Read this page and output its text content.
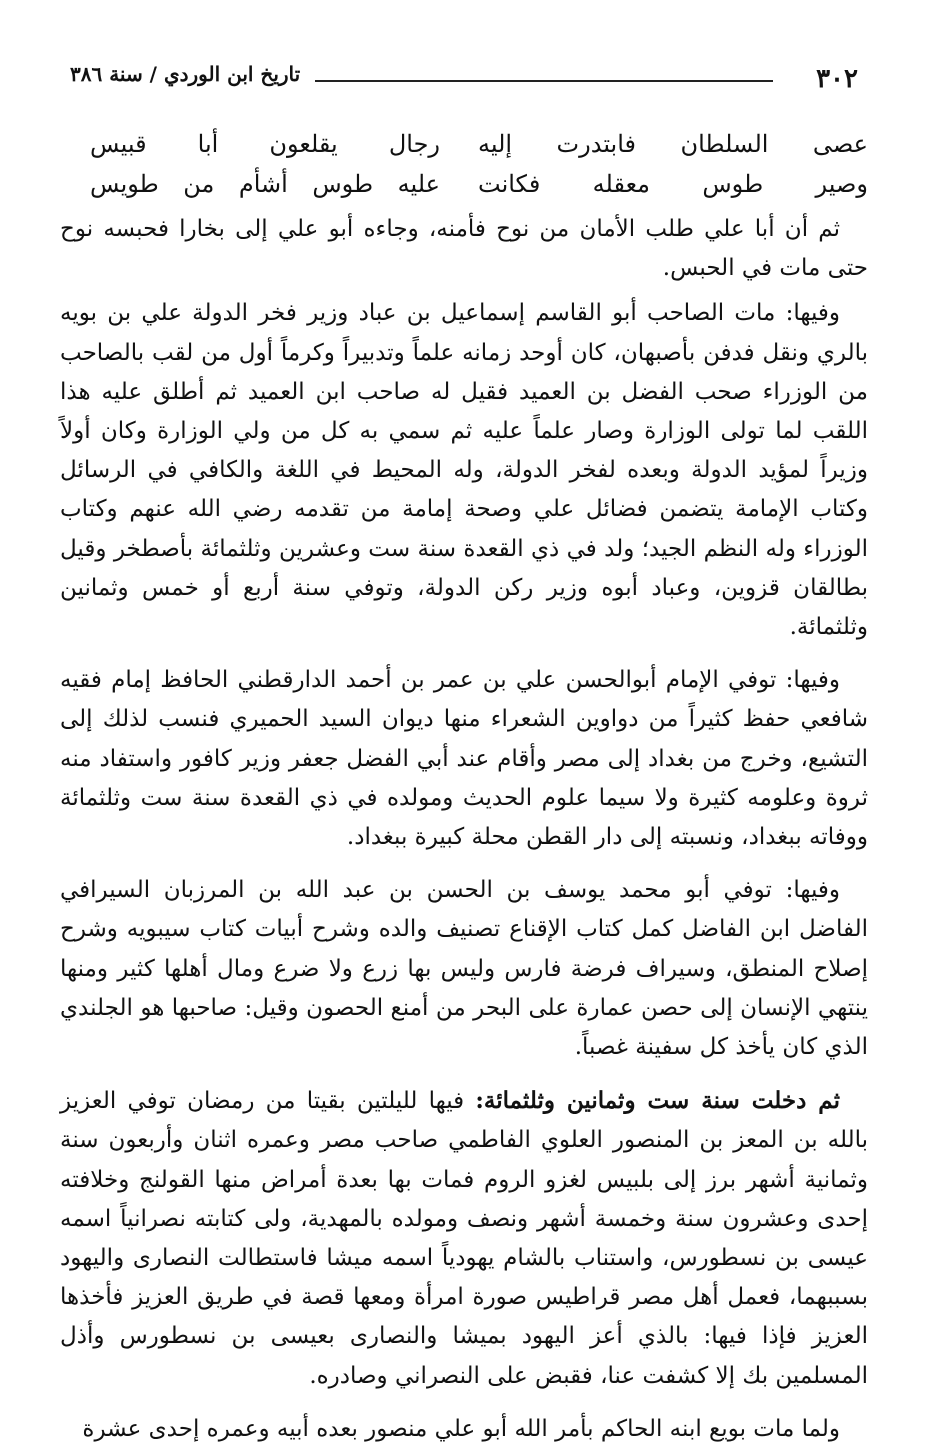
٣٠٢
تاريخ ابن الوردي / سنة ٣٨٦
عصى السلطان فابتدرت إليه
رجال يقلعون أبا قبيس
وصير طوس معقله فكانت
عليه طوس أشأم من طويس

ثم أن أبا علي طلب الأمان من نوح فأمنه، وجاءه أبو علي إلى بخارا فحبسه نوح حتى مات في الحبس.

وفيها: مات الصاحب أبو القاسم إسماعيل بن عباد وزير فخر الدولة علي بن بويه بالري ونقل فدفن بأصبهان، كان أوحد زمانه علماً وتدبيراً وكرماً أول من لقب بالصاحب من الوزراء صحب الفضل بن العميد فقيل له صاحب ابن العميد ثم أطلق عليه هذا اللقب لما تولى الوزارة وصار علماً عليه ثم سمي به كل من ولي الوزارة وكان أولاً وزيراً لمؤيد الدولة وبعده لفخر الدولة، وله المحيط في اللغة والكافي في الرسائل وكتاب الإمامة يتضمن فضائل علي وصحة إمامة من تقدمه رضي الله عنهم وكتاب الوزراء وله النظم الجيد؛ ولد في ذي القعدة سنة ست وعشرين وثلثمائة بأصطخر وقيل بطالقان قزوين، وعباد أبوه وزير ركن الدولة، وتوفي سنة أربع أو خمس وثمانين وثلثمائة.

وفيها: توفي الإمام أبوالحسن علي بن عمر بن أحمد الدارقطني الحافظ إمام فقيه شافعي حفظ كثيراً من دواوين الشعراء منها ديوان السيد الحميري فنسب لذلك إلى التشيع، وخرج من بغداد إلى مصر وأقام عند أبي الفضل جعفر وزير كافور واستفاد منه ثروة وعلومه كثيرة ولا سيما علوم الحديث ومولده في ذي القعدة سنة ست وثلثمائة ووفاته ببغداد، ونسبته إلى دار القطن محلة كبيرة ببغداد.

وفيها: توفي أبو محمد يوسف بن الحسن بن عبد الله بن المرزبان السيرافي الفاضل ابن الفاضل كمل كتاب الإقناع تصنيف والده وشرح أبيات كتاب سيبويه وشرح إصلاح المنطق، وسيراف فرضة فارس وليس بها زرع ولا ضرع ومال أهلها كثير ومنها ينتهي الإنسان إلى حصن عمارة على البحر من أمنع الحصون وقيل: صاحبها هو الجلندي الذي كان يأخذ كل سفينة غصباً.

ثم دخلت سنة ست وثمانين وثلثمائة: فيها لليلتين بقيتا من رمضان توفي العزيز بالله بن المعز بن المنصور العلوي الفاطمي صاحب مصر وعمره اثنان وأربعون سنة وثمانية أشهر برز إلى بلبيس لغزو الروم فمات بها بعدة أمراض منها القولنج وخلافته إحدى وعشرون سنة وخمسة أشهر ونصف ومولده بالمهدية، ولى كتابته نصرانياً اسمه عيسى بن نسطورس، واستناب بالشام يهودياً اسمه ميشا فاستطالت النصارى واليهود بسببهما، فعمل أهل مصر قراطيس صورة امرأة ومعها قصة في طريق العزيز فأخذها العزيز فإذا فيها: بالذي أعز اليهود بميشا والنصارى بعيسى بن نسطورس وأذل المسلمين بك إلا كشفت عنا، فقبض على النصراني وصادره.

ولما مات بويع ابنه الحاكم بأمر الله أبو علي منصور بعده أبيه وعمره إحدى عشرة
